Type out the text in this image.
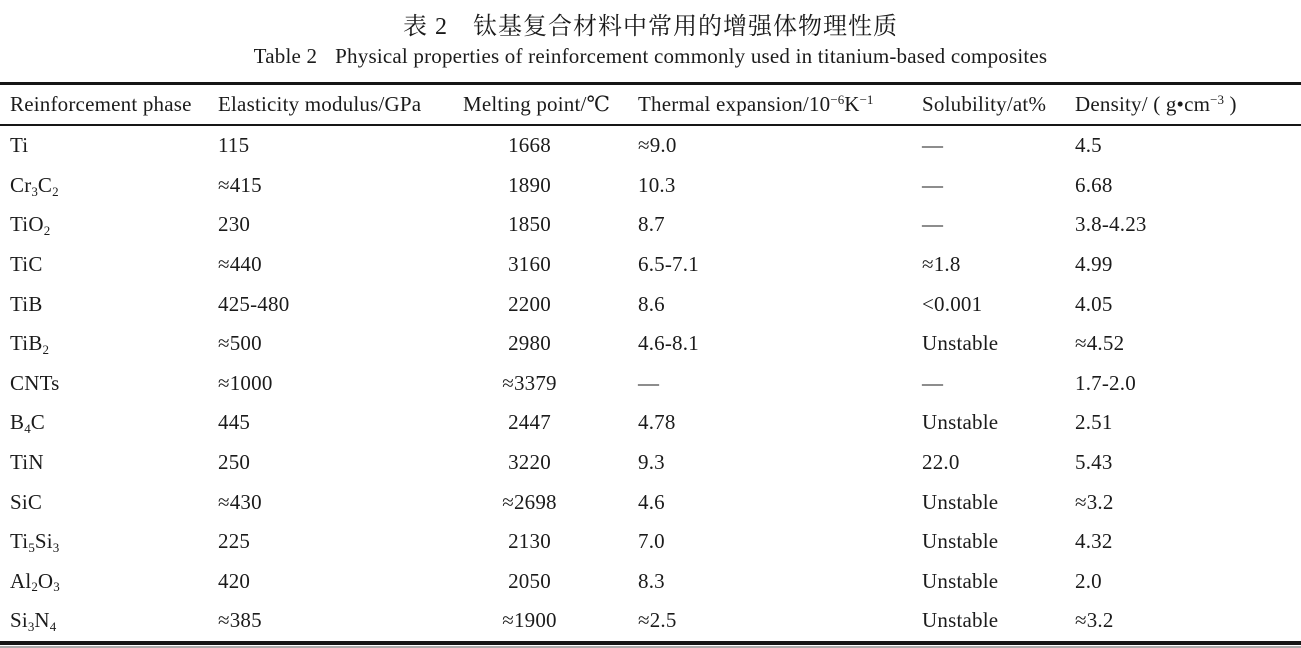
表 2　钛基复合材料中常用的增强体物理性质
Table 2 Physical properties of reinforcement commonly used in titanium-based composites
Reinforcement phase	Elasticity modulus/GPa	Melting point/℃	Thermal expansion/$10^{-6}K^{-1}$	Solubility/at%	Density/ ( $g•cm^{-3}$ )
Ti	115	1668	≈9.0	—	4.5
$Cr_3C_2$	≈415	1890	10.3	—	6.68
TiO$_2$	230	1850	8.7	—	3.8-4.23
TiC	≈440	3160	6.5-7.1	≈1.8	4.99
TiB	425-480	2200	8.6	<0.001	4.05
TiB$_2$	≈500	2980	4.6-8.1	Unstable	≈4.52
CNTs	≈1000	≈3379	—	—	1.7-2.0
$B_4C$	445	2447	4.78	Unstable	2.51
TiN	250	3220	9.3	22.0	5.43
SiC	≈430	≈2698	4.6	Unstable	≈3.2
$Ti_5Si_3$	225	2130	7.0	Unstable	4.32
$Al_2O_3$	420	2050	8.3	Unstable	2.0
$Si_3N_4$	≈385	≈1900	≈2.5	Unstable	≈3.2
